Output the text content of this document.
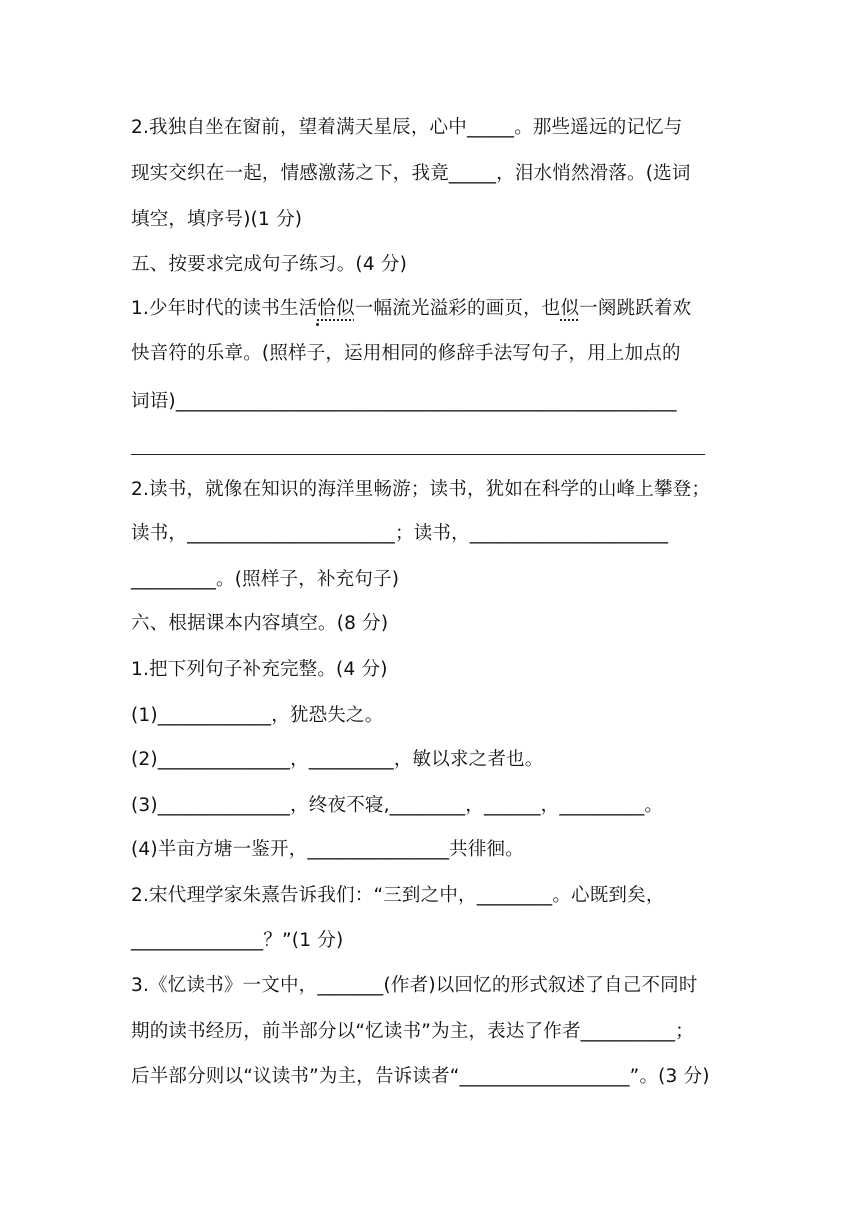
2.我独自坐在窗前，望着满天星辰，心中_____。那些遥远的记忆与
现实交织在一起，情感激荡之下，我竟_____，泪水悄然滑落。(选词
填空，填序号)(1 分)
五、按要求完成句子练习。(4 分)
1.少年时代的读书生活恰似一幅流光溢彩的画页，也似一阕跳跃着欢
快音符的乐章。(照样子，运用相同的修辞手法写句子，用上加点的
词语)_____________________________________________________
2.读书，就像在知识的海洋里畅游；读书，犹如在科学的山峰上攀登；
读书，______________________；读书，_____________________
_________。(照样子，补充句子)
六、根据课本内容填空。(8 分)
1.把下列句子补充完整。(4 分)
(1)____________，犹恐失之。
(2)______________，_________，敏以求之者也。
(3)______________，终夜不寝,________，______，_________。
(4)半亩方塘一鉴开，_______________共徘徊。
2.宋代理学家朱熹告诉我们：“三到之中，________。心既到矣，
______________？”(1 分)
3.《忆读书》一文中，_______(作者)以回忆的形式叙述了自己不同时
期的读书经历，前半部分以“忆读书”为主，表达了作者__________；
后半部分则以“议读书”为主，告诉读者“__________________”。(3 分)
